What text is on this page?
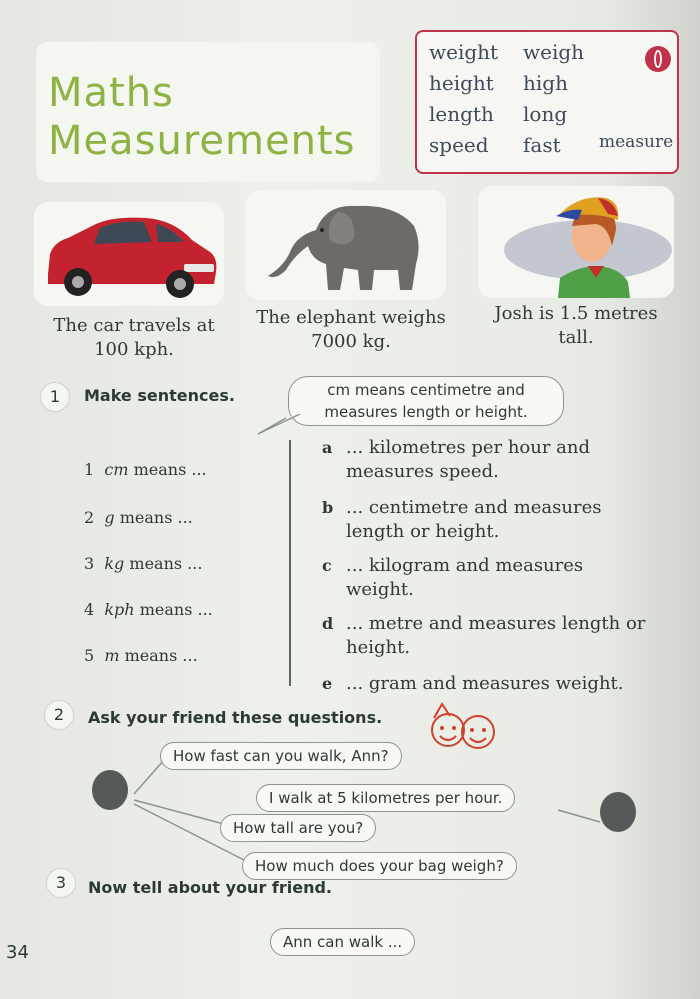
Maths
Measurements
weight	weigh
height	high
length	long
speed	fast	measure
The car travels at 100 kph.
The elephant weighs 7000 kg.
Josh is 1.5 metres tall.
1	Make sentences.	cm means centimetre and measures length or height.
1 cm means ...
2 g means ...
3 kg means ...
4 kph means ...
5 m means ...
a ... kilometres per hour and measures speed.
b ... centimetre and measures length or height.
c ... kilogram and measures weight.
d ... metre and measures length or height.
e ... gram and measures weight.
2	Ask your friend these questions.
How fast can you walk, Ann?
I walk at 5 kilometres per hour.
How tall are you?
How much does your bag weigh?
3	Now tell about your friend.
Ann can walk ...
34
